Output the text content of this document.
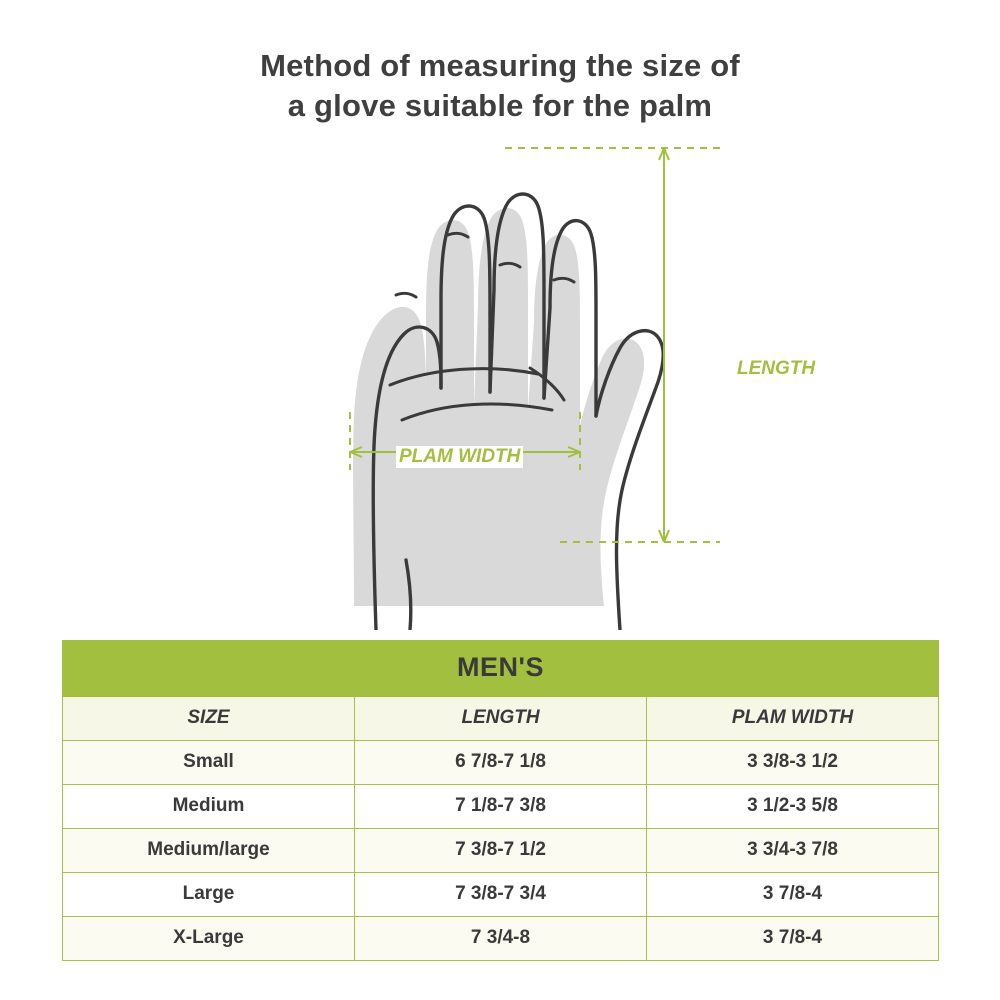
Method of measuring the size of
a glove suitable for the palm
LENGTH
PLAM WIDTH
MEN'S		
SIZE	LENGTH	PLAM WIDTH
Small	6 7/8-7 1/8	3 3/8-3 1/2
Medium	7 1/8-7 3/8	3 1/2-3 5/8
Medium/large	7 3/8-7 1/2	3 3/4-3 7/8
Large	7 3/8-7 3/4	3 7/8-4
X-Large	7 3/4-8	3 7/8-4
